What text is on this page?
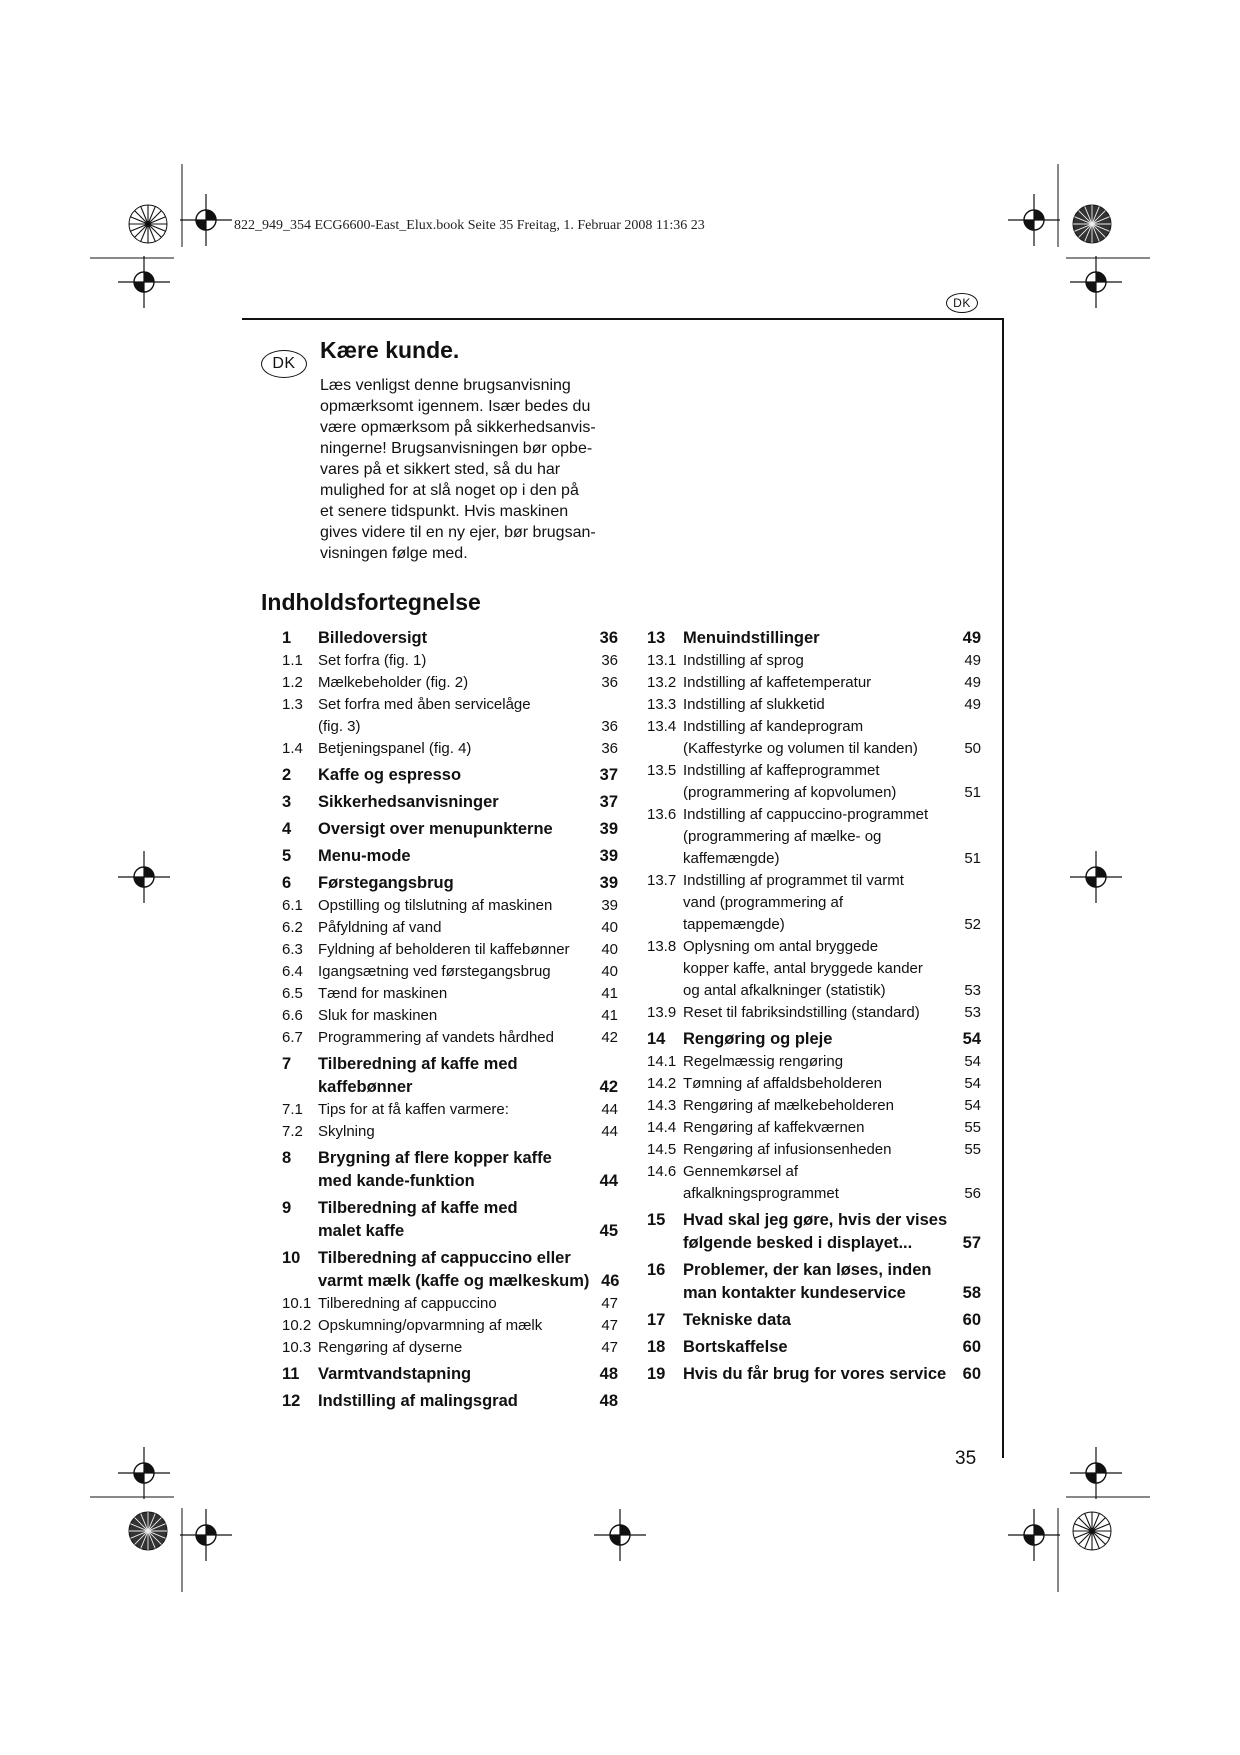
822_949_354 ECG6600-East_Elux.book Seite 35 Freitag, 1. Februar 2008 11:36 23
DK
DK
Kære kunde.

Læs venligst denne brugsanvisning
opmærksomt igennem. Især bedes du
være opmærksom på sikkerhedsanvis-
ningerne! Brugsanvisningen bør opbe-
vares på et sikkert sted, så du har
mulighed for at slå noget op i den på
et senere tidspunkt. Hvis maskinen
gives videre til en ny ejer, bør brugsan-
visningen følge med.

Indholdsfortegnelse
1	Billedoversigt	36
1.1	Set forfra (fig. 1)	36
1.2	Mælkebeholder (fig. 2)	36
1.3	Set forfra med åben servicelåge
(fig. 3)	36
1.4	Betjeningspanel (fig. 4)	36
2	Kaffe og espresso	37
3	Sikkerhedsanvisninger	37
4	Oversigt over menupunkterne	39
5	Menu-mode	39
6	Førstegangsbrug	39
6.1	Opstilling og tilslutning af maskinen	39
6.2	Påfyldning af vand	40
6.3	Fyldning af beholderen til kaffebønner	40
6.4	Igangsætning ved førstegangsbrug	40
6.5	Tænd for maskinen	41
6.6	Sluk for maskinen	41
6.7	Programmering af vandets hårdhed	42
7	Tilberedning af kaffe med
kaffebønner	42
7.1	Tips for at få kaffen varmere:	44
7.2	Skylning	44
8	Brygning af flere kopper kaffe
med kande-funktion	44
9	Tilberedning af kaffe med
malet kaffe	45
10	Tilberedning af cappuccino eller
varmt mælk (kaffe og mælkeskum) 46
10.1 Tilberedning af cappuccino	47
10.2 Opskumning/opvarmning af mælk	47
10.3 Rengøring af dyserne	47
11	Varmtvandstapning	48
12	Indstilling af malingsgrad	48
13	Menuindstillinger	49
13.1 Indstilling af sprog	49
13.2 Indstilling af kaffetemperatur	49
13.3 Indstilling af slukketid	49
13.4 Indstilling af kandeprogram
(Kaffestyrke og volumen til kanden)	50
13.5 Indstilling af kaffeprogrammet
(programmering af kopvolumen)	51
13.6 Indstilling af cappuccino-programmet
(programmering af mælke- og
kaffemængde)	51
13.7 Indstilling af programmet til varmt
vand (programmering af
tappemængde)	52
13.8 Oplysning om antal bryggede
kopper kaffe, antal bryggede kander
og antal afkalkninger (statistik)	53
13.9 Reset til fabriksindstilling (standard)	53
14	Rengøring og pleje	54
14.1 Regelmæssig rengøring	54
14.2 Tømning af affaldsbeholderen	54
14.3 Rengøring af mælkebeholderen	54
14.4 Rengøring af kaffekværnen	55
14.5 Rengøring af infusionsenheden	55
14.6 Gennemkørsel af
afkalkningsprogrammet	56
15	Hvad skal jeg gøre, hvis der vises
følgende besked i displayet...	57
16	Problemer, der kan løses, inden
man kontakter kundeservice	58
17	Tekniske data	60
18	Bortskaffelse	60
19	Hvis du får brug for vores service 60
35
